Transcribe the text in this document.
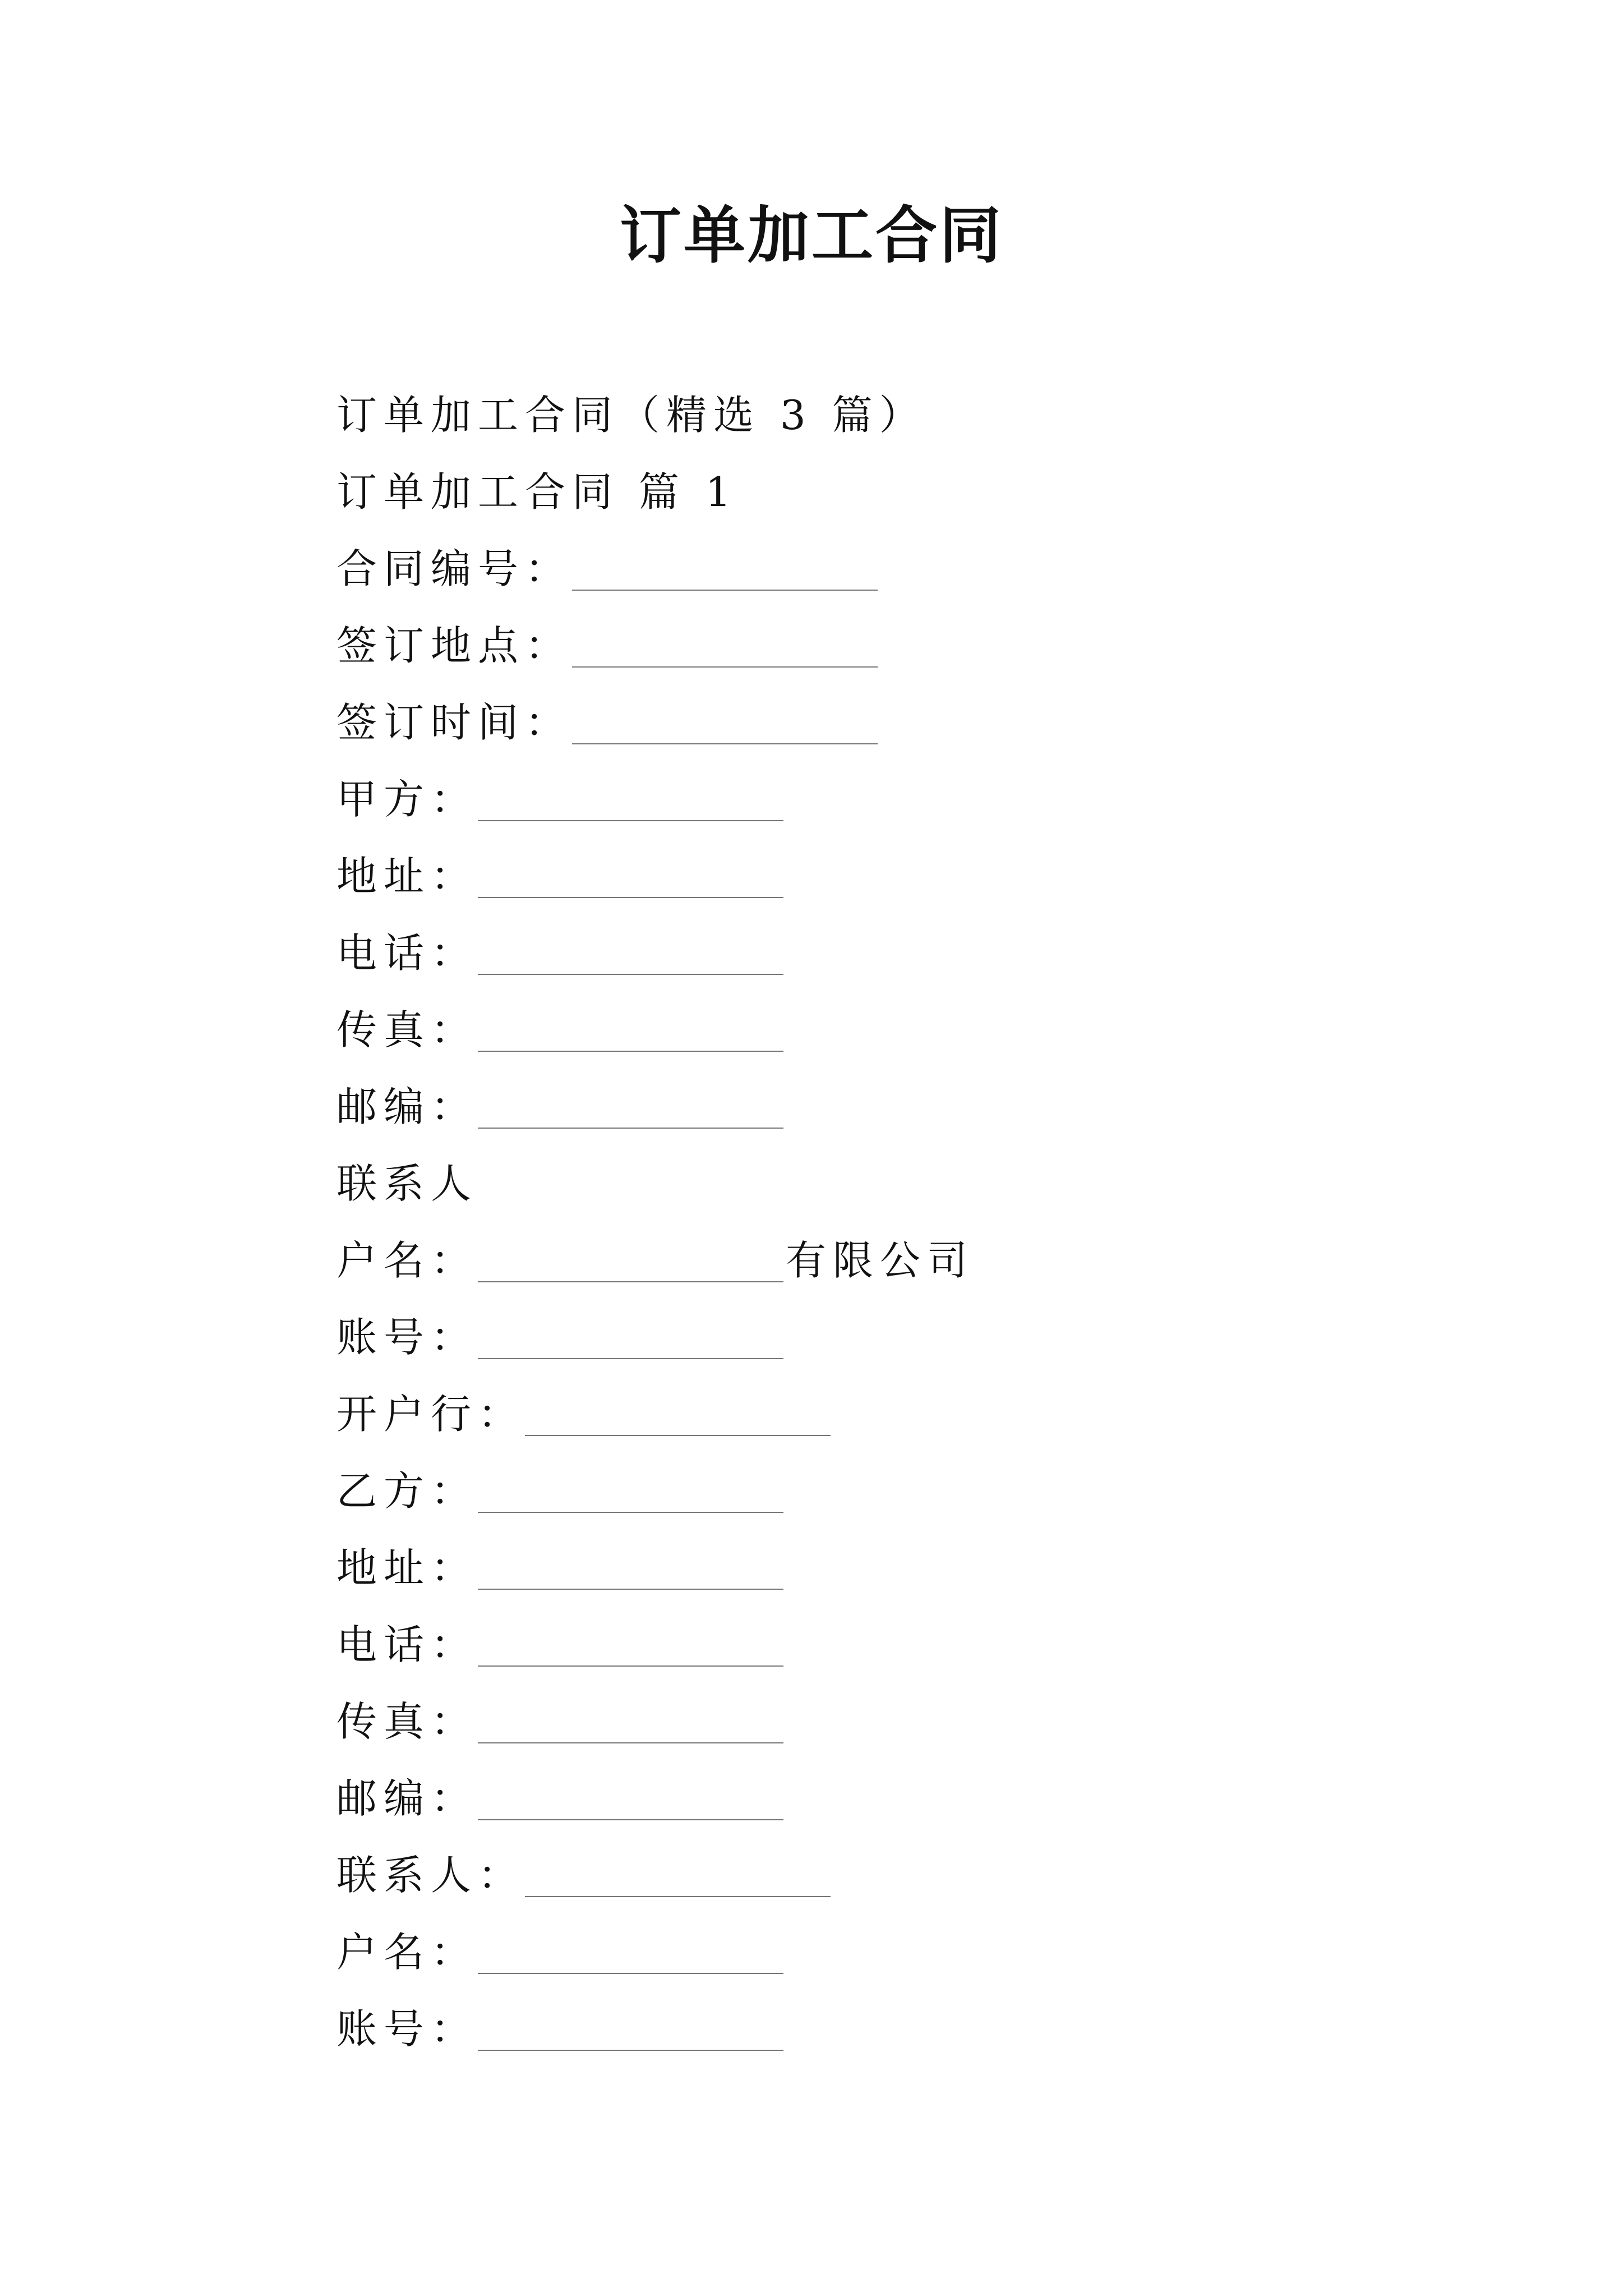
订单加工合同
订单加工合同（精选 3 篇）
订单加工合同 篇 1
合同编号：
签订地点：
签订时间：
甲方：
地址：
电话：
传真：
邮编：
联系人
户名：	有限公司
账号：
开户行：
乙方：
地址：
电话：
传真：
邮编：
联系人：
户名：
账号：
